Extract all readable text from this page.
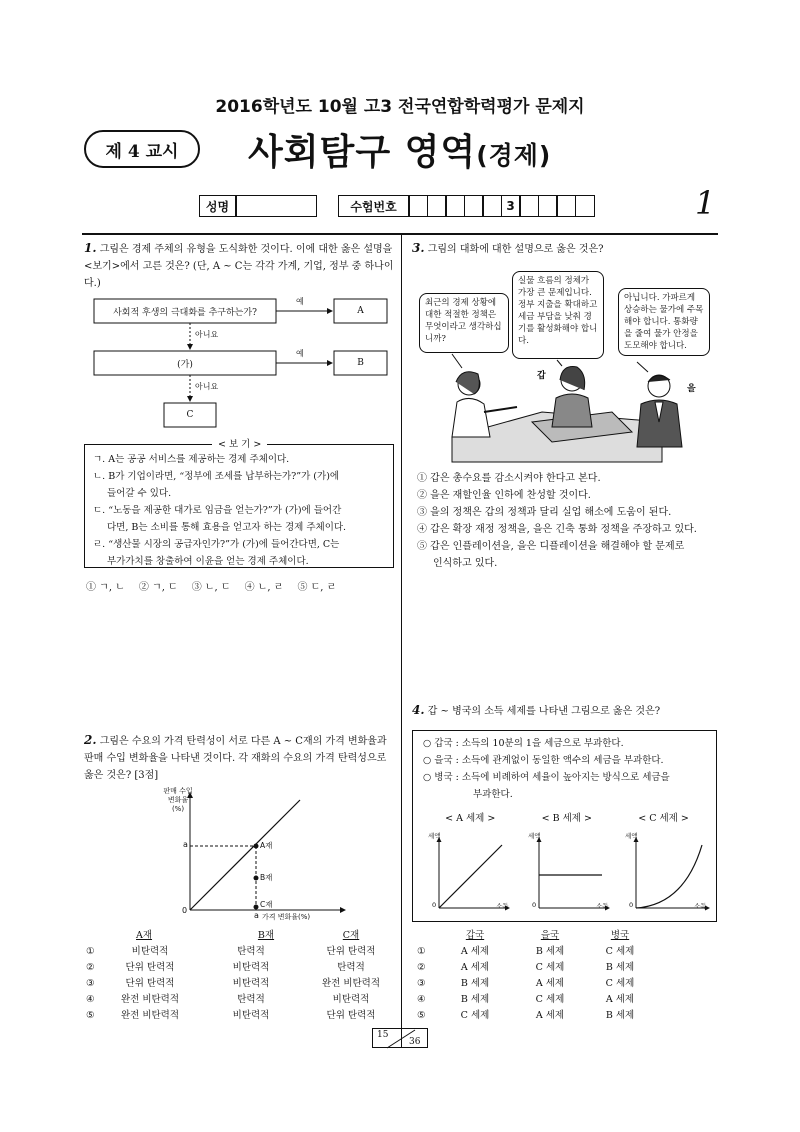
2016학년도 10월 고3 전국연합학력평가 문제지
제 4 교시	사회탐구 영역(경제)
성명	수험번호	3	1
1. 그림은 경제 주체의 유형을 도식화한 것이다. 이에 대한 옳은 설명을 <보기>에서 고른 것은? (단, A ~ C는 각각 가계, 기업, 정부 중 하나이다.)
사회적 후생의 극대화를 추구하는가?	A
(가)	B
C
예
예
아니요
아니요
ㄱ. A는 공공 서비스를 제공하는 경제 주체이다.
ㄴ. B가 기업이라면, “정부에 조세를 납부하는가?”가 (가)에
들어갈 수 있다.
ㄷ. “노동을 제공한 대가로 임금을 얻는가?”가 (가)에 들어간
다면, B는 소비를 통해 효용을 얻고자 하는 경제 주체이다.
ㄹ. “생산물 시장의 공급자인가?”가 (가)에 들어간다면, C는
부가가치를 창출하여 이윤을 얻는 경제 주체이다.
< 보 기 >
① ㄱ, ㄴ ② ㄱ, ㄷ ③ ㄴ, ㄷ ④ ㄴ, ㄹ ⑤ ㄷ, ㄹ
2. 그림은 수요의 가격 탄력성이 서로 다른 A ~ C재의 가격 변화율과 판매 수입 변화율을 나타낸 것이다. 각 재화의 수요의 가격 탄력성으로 옳은 것은? [3점]
판매 수입
변화율
(%)
a
0
a 가격 변화율(%)
A재
B재
C재
A재	B재	C재
①	비탄력적	탄력적	단위 탄력적
②	단위 탄력적	비탄력적	탄력적
③	단위 탄력적	비탄력적	완전 비탄력적
④	완전 비탄력적	탄력적	비탄력적
⑤	완전 비탄력적	비탄력적	단위 탄력적
3. 그림의 대화에 대한 설명으로 옳은 것은?
최근의 경제 상황에 대한 적절한 정책은 무엇이라고 생각하십니까?
실물 흐름의 정체가 가장 큰 문제입니다. 정부 지출을 확대하고 세금 부담을 낮춰 경기를 활성화해야 합니다.
아닙니다. 가파르게 상승하는 물가에 주목해야 합니다. 통화량을 줄여 물가 안정을 도모해야 합니다.
갑
을
① 갑은 총수요를 감소시켜야 한다고 본다.
② 을은 재할인율 인하에 찬성할 것이다.
③ 을의 정책은 갑의 정책과 달리 실업 해소에 도움이 된다.
④ 갑은 확장 재정 정책을, 을은 긴축 통화 정책을 주장하고 있다.
⑤ 갑은 인플레이션을, 을은 디플레이션을 해결해야 할 문제로
인식하고 있다.
4. 갑 ~ 병국의 소득 세제를 나타낸 그림으로 옳은 것은?
○ 갑국 : 소득의 10분의 1을 세금으로 부과한다.
○ 을국 : 소득에 관계없이 동일한 액수의 세금을 부과한다.
○ 병국 : 소득에 비례하여 세율이 높아지는 방식으로 세금을
부과한다.
< A 세제 >	< B 세제 >	< C 세제 >
세액	세액	세액
소득	소득	소득
0	0	0
갑국	을국	병국
①	A 세제	B 세제	C 세제
②	A 세제	C 세제	B 세제
③	B 세제	A 세제	C 세제
④	B 세제	C 세제	A 세제
⑤	C 세제	A 세제	B 세제
15
36
